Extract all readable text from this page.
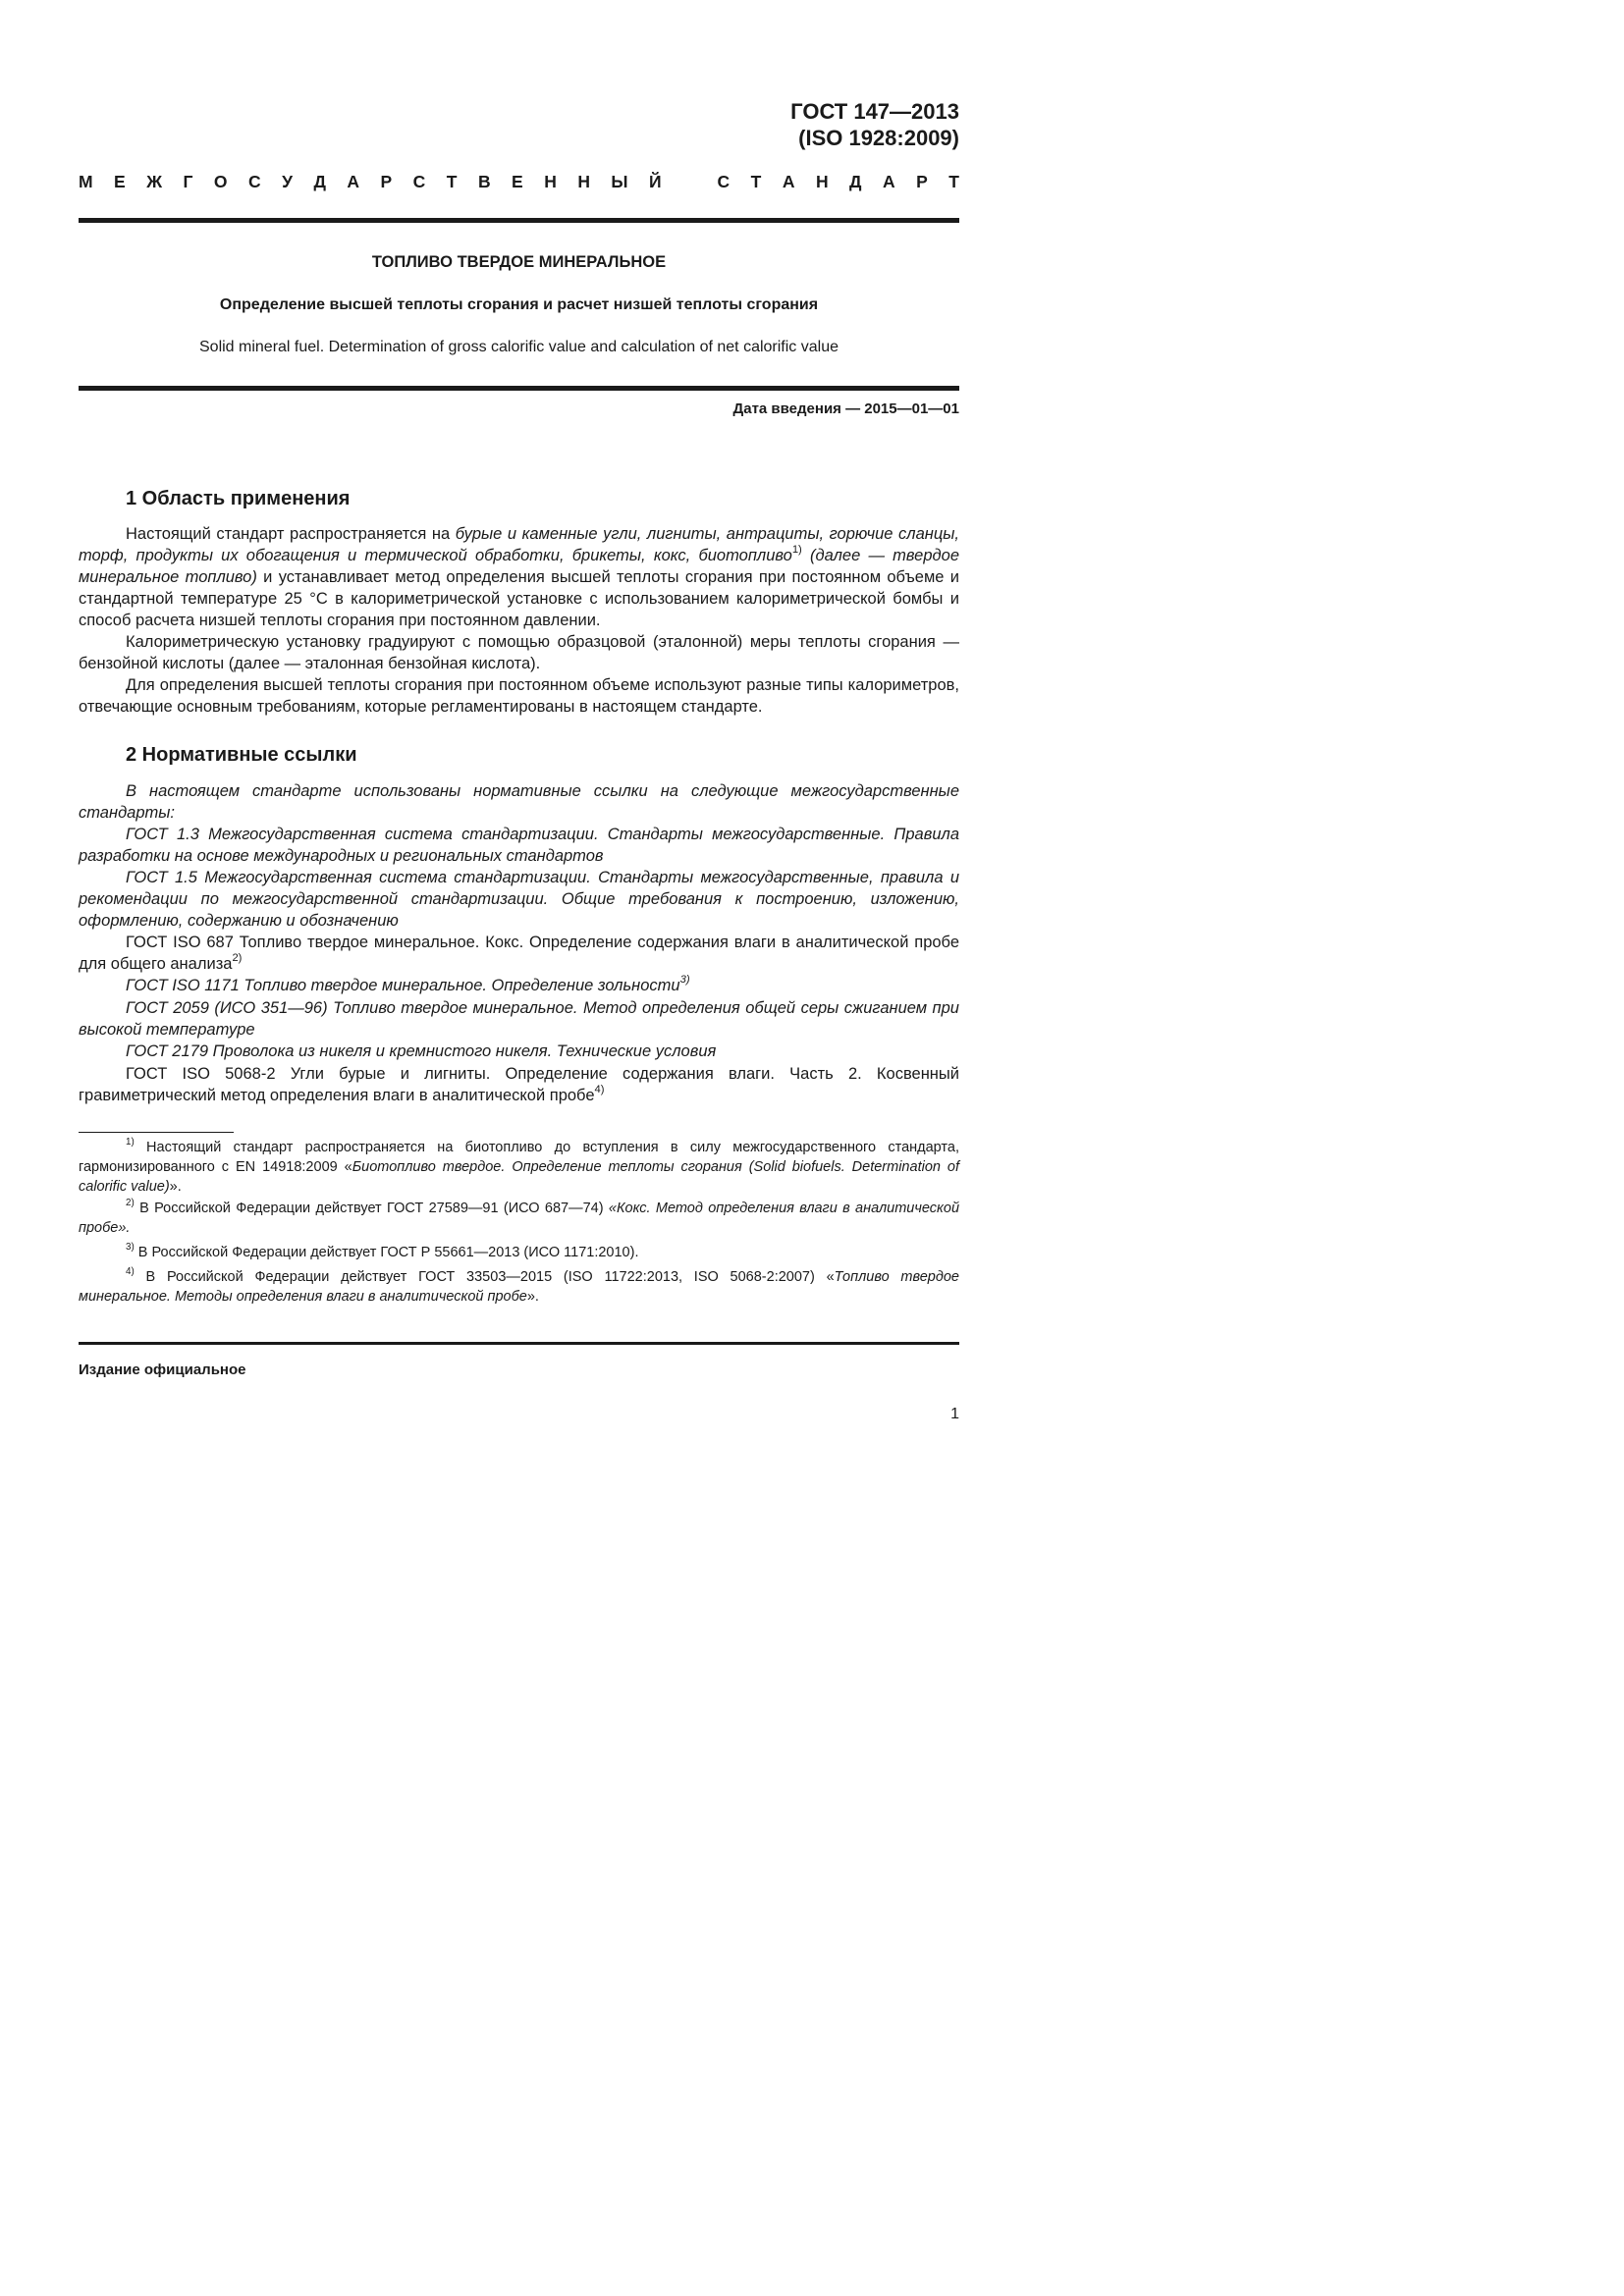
ГОСТ 147—2013
(ISO 1928:2009)
М Е Ж Г О С У Д А Р С Т В Е Н Н Ы Й	С Т А Н Д А Р Т
ТОПЛИВО ТВЕРДОЕ МИНЕРАЛЬНОЕ
Определение высшей теплоты сгорания и расчет низшей теплоты сгорания
Solid mineral fuel. Determination of gross calorific value and calculation of net calorific value
Дата введения — 2015—01—01
1 Область применения
Настоящий стандарт распространяется на бурые и каменные угли, лигниты, антрациты, горючие сланцы, торф, продукты их обогащения и термической обработки, брикеты, кокс, биотопливо$^{1)}$ (далее — твердое минеральное топливо) и устанавливает метод определения высшей теплоты сгорания при постоянном объеме и стандартной температуре 25 °С в калориметрической установке с использованием калориметрической бомбы и способ расчета низшей теплоты сгорания при постоянном давлении.
Калориметрическую установку градуируют с помощью образцовой (эталонной) меры теплоты сгорания — бензойной кислоты (далее — эталонная бензойная кислота).
Для определения высшей теплоты сгорания при постоянном объеме используют разные типы калориметров, отвечающие основным требованиям, которые регламентированы в настоящем стандарте.
2 Нормативные ссылки
В настоящем стандарте использованы нормативные ссылки на следующие межгосударственные стандарты:
ГОСТ 1.3 Межгосударственная система стандартизации. Стандарты межгосударственные. Правила разработки на основе международных и региональных стандартов
ГОСТ 1.5 Межгосударственная система стандартизации. Стандарты межгосударственные, правила и рекомендации по межгосударственной стандартизации. Общие требования к построению, изложению, оформлению, содержанию и обозначению
ГОСТ ISO 687 Топливо твердое минеральное. Кокс. Определение содержания влаги в аналитической пробе для общего анализа$^{2)}$
ГОСТ ISO 1171 Топливо твердое минеральное. Определение зольности$^{3)}$
ГОСТ 2059 (ИСО 351—96) Топливо твердое минеральное. Метод определения общей серы сжиганием при высокой температуре
ГОСТ 2179 Проволока из никеля и кремнистого никеля. Технические условия
ГОСТ ISO 5068-2 Угли бурые и лигниты. Определение содержания влаги. Часть 2. Косвенный гравиметрический метод определения влаги в аналитической пробе$^{4)}$
$^{1)}$ Настоящий стандарт распространяется на биотопливо до вступления в силу межгосударственного стандарта, гармонизированного с EN 14918:2009 «Биотопливо твердое. Определение теплоты сгорания (Solid biofuels. Determination of calorific value)».
$^{2)}$ В Российской Федерации действует ГОСТ 27589—91 (ИСО 687—74) «Кокс. Метод определения влаги в аналитической пробе».
$^{3)}$ В Российской Федерации действует ГОСТ Р 55661—2013 (ИСО 1171:2010).
$^{4)}$ В Российской Федерации действует ГОСТ 33503—2015 (ISO 11722:2013, ISO 5068-2:2007) «Топливо твердое минеральное. Методы определения влаги в аналитической пробе».
Издание официальное
1
